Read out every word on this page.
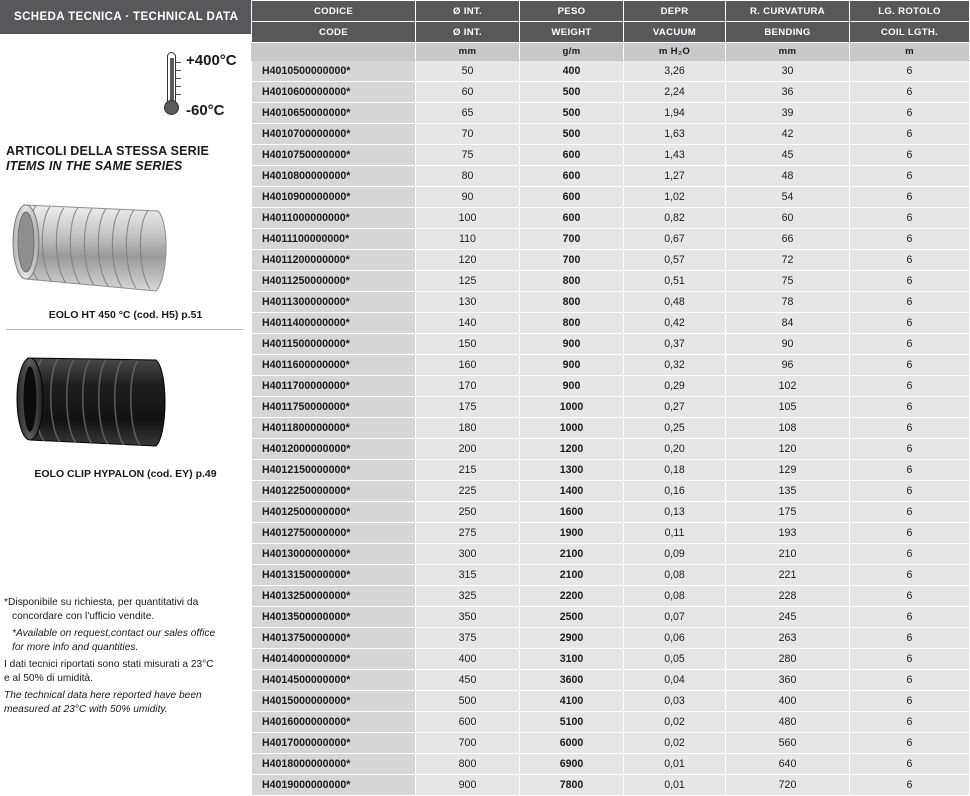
SCHEDA TECNICA · TECHNICAL DATA
+400°C
-60°C
ARTICOLI DELLA STESSA SERIE
ITEMS IN THE SAME SERIES
EOLO HT 450 °C (cod. H5) p.51
EOLO CLIP HYPALON (cod. EY) p.49

*Disponibile su richiesta, per quantitativi da

concordare con l'ufficio vendite.

*Available on request,contact our sales office
for more info and quantities.

I dati tecnici riportati sono stati misurati a 23°C
e al 50% di umidità.

The technical data here reported have been
measured at 23°C with 50% umidity.

CODICE	Ø INT.	PESO	DEPR	R. CURVATURA	LG. ROTOLO
CODE	Ø INT.	WEIGHT	VACUUM	BENDING	COIL LGTH.
	mm	g/m	m H₂O	mm	m
H4010500000000*	50	400	3,26	30	6
H4010600000000*	60	500	2,24	36	6
H4010650000000*	65	500	1,94	39	6
H4010700000000*	70	500	1,63	42	6
H4010750000000*	75	600	1,43	45	6
H4010800000000*	80	600	1,27	48	6
H4010900000000*	90	600	1,02	54	6
H4011000000000*	100	600	0,82	60	6
H4011100000000*	110	700	0,67	66	6
H4011200000000*	120	700	0,57	72	6
H4011250000000*	125	800	0,51	75	6
H4011300000000*	130	800	0,48	78	6
H4011400000000*	140	800	0,42	84	6
H4011500000000*	150	900	0,37	90	6
H4011600000000*	160	900	0,32	96	6
H4011700000000*	170	900	0,29	102	6
H4011750000000*	175	1000	0,27	105	6
H4011800000000*	180	1000	0,25	108	6
H4012000000000*	200	1200	0,20	120	6
H4012150000000*	215	1300	0,18	129	6
H4012250000000*	225	1400	0,16	135	6
H4012500000000*	250	1600	0,13	175	6
H4012750000000*	275	1900	0,11	193	6
H4013000000000*	300	2100	0,09	210	6
H4013150000000*	315	2100	0,08	221	6
H4013250000000*	325	2200	0,08	228	6
H4013500000000*	350	2500	0,07	245	6
H4013750000000*	375	2900	0,06	263	6
H4014000000000*	400	3100	0,05	280	6
H4014500000000*	450	3600	0,04	360	6
H4015000000000*	500	4100	0,03	400	6
H4016000000000*	600	5100	0,02	480	6
H4017000000000*	700	6000	0,02	560	6
H4018000000000*	800	6900	0,01	640	6
H4019000000000*	900	7800	0,01	720	6
